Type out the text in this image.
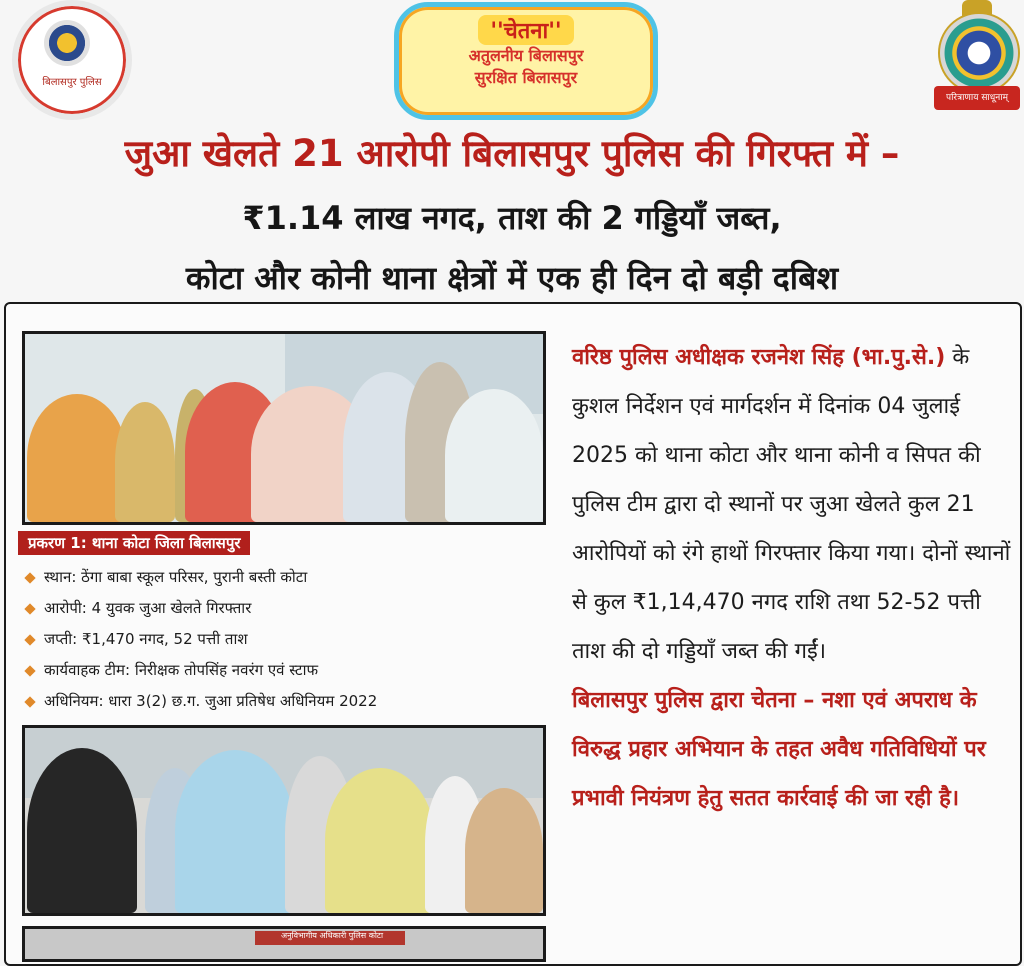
बिलासपुर पुलिस
''चेतना''
अतुलनीय बिलासपुर
सुरक्षित बिलासपुर
परित्राणाय साधूनाम्
जुआ खेलते 21 आरोपी बिलासपुर पुलिस की गिरफ्त में –
₹1.14 लाख नगद, ताश की 2 गड्डियाँ जब्त,
कोटा और कोनी थाना क्षेत्रों में एक ही दिन दो बड़ी दबिश
प्रकरण 1: थाना कोटा जिला बिलासपुर
स्थान: ठेंगा बाबा स्कूल परिसर, पुरानी बस्ती कोटा
आरोपी: 4 युवक जुआ खेलते गिरफ्तार
जप्ती: ₹1,470 नगद, 52 पत्ती ताश
कार्यवाहक टीम: निरीक्षक तोपसिंह नवरंग एवं स्टाफ
अधिनियम: धारा 3(2) छ.ग. जुआ प्रतिषेध अधिनियम 2022
अनुविभागीय अधिकारी पुलिस कोटा

वरिष्ठ पुलिस अधीक्षक रजनेश सिंह (भा.पु.से.) के कुशल निर्देशन एवं मार्गदर्शन में दिनांक 04 जुलाई 2025 को थाना कोटा और थाना कोनी व सिपत की पुलिस टीम द्वारा दो स्थानों पर जुआ खेलते कुल 21 आरोपियों को रंगे हाथों गिरफ्तार किया गया। दोनों स्थानों से कुल ₹1,14,470 नगद राशि तथा 52-52 पत्ती ताश की दो गड्डियाँ जब्त की गईं।

बिलासपुर पुलिस द्वारा चेतना – नशा एवं अपराध के विरुद्ध प्रहार अभियान के तहत अवैध गतिविधियों पर प्रभावी नियंत्रण हेतु सतत कार्रवाई की जा रही है।
